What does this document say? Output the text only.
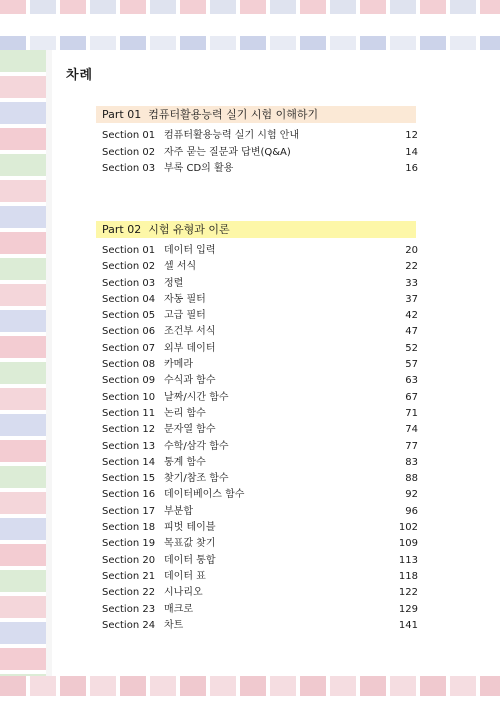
차례
Part 01 컴퓨터활용능력 실기 시험 이해하기
Section 01 컴퓨터활용능력 실기 시험 안내	12
Section 02 자주 묻는 질문과 답변(Q&A)	14
Section 03 부록 CD의 활용	16
Part 02 시험 유형과 이론
Section 01 데이터 입력	20
Section 02 셀 서식	22
Section 03 정렬	33
Section 04 자동 필터	37
Section 05 고급 필터	42
Section 06 조건부 서식	47
Section 07 외부 데이터	52
Section 08 카메라	57
Section 09 수식과 함수	63
Section 10 날짜/시간 함수	67
Section 11 논리 함수	71
Section 12 문자열 함수	74
Section 13 수학/삼각 함수	77
Section 14 통계 함수	83
Section 15 찾기/참조 함수	88
Section 16 데이터베이스 함수	92
Section 17 부분합	96
Section 18 피벗 테이블	102
Section 19 목표값 찾기	109
Section 20 데이터 통합	113
Section 21 데이터 표	118
Section 22 시나리오	122
Section 23 매크로	129
Section 24 차트	141
